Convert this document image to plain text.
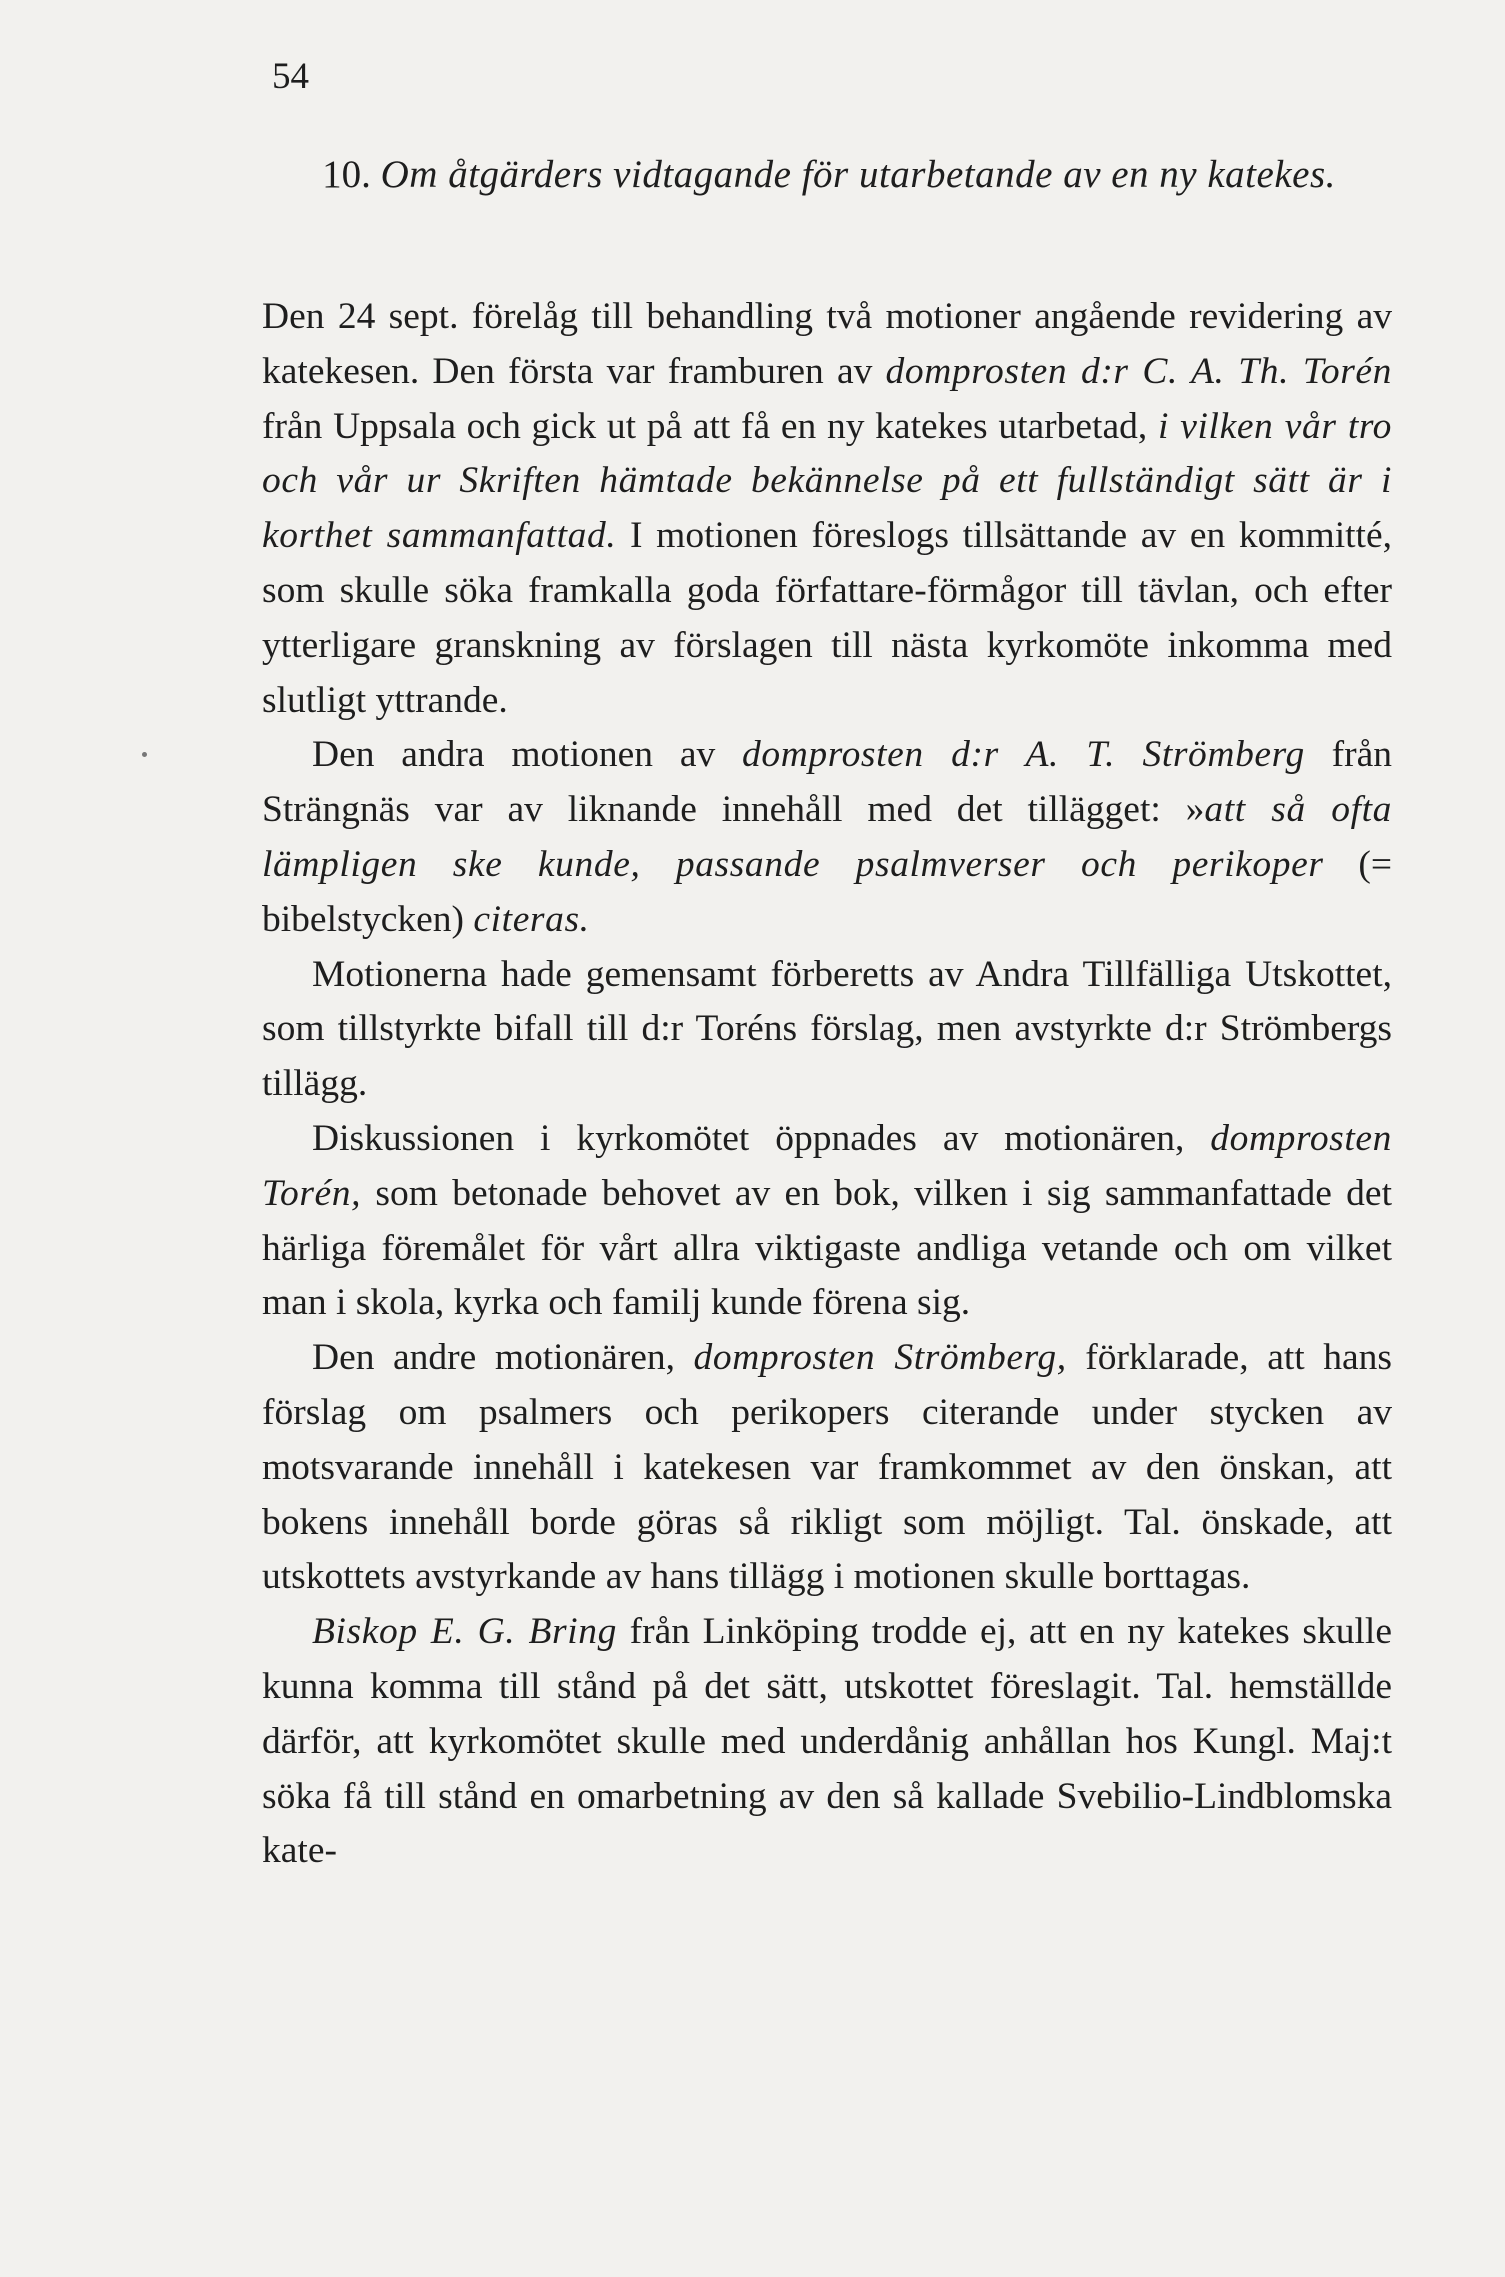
54
10. Om åtgärders vidtagande för utarbetande av en ny katekes.

Den 24 sept. förelåg till behandling två motioner angående revidering av katekesen. Den första var framburen av domprosten d:r C. A. Th. Torén från Uppsala och gick ut på att få en ny katekes utarbetad, i vilken vår tro och vår ur Skriften hämtade bekännelse på ett fullständigt sätt är i korthet sammanfattad. I motionen föreslogs tillsättande av en kommitté, som skulle söka framkalla goda författare-förmågor till tävlan, och efter ytterligare granskning av förslagen till nästa kyrkomöte inkomma med slutligt yttrande.

Den andra motionen av domprosten d:r A. T. Strömberg från Strängnäs var av liknande innehåll med det tillägget: »att så ofta lämpligen ske kunde, passande psalmverser och perikoper (= bibelstycken) citeras.

Motionerna hade gemensamt förberetts av Andra Tillfälliga Utskottet, som tillstyrkte bifall till d:r Toréns förslag, men avstyrkte d:r Strömbergs tillägg.

Diskussionen i kyrkomötet öppnades av motionären, domprosten Torén, som betonade behovet av en bok, vilken i sig sammanfattade det härliga föremålet för vårt allra viktigaste andliga vetande och om vilket man i skola, kyrka och familj kunde förena sig.

Den andre motionären, domprosten Strömberg, förklarade, att hans förslag om psalmers och perikopers citerande under stycken av motsvarande innehåll i katekesen var framkommet av den önskan, att bokens innehåll borde göras så rikligt som möjligt. Tal. önskade, att utskottets avstyrkande av hans tillägg i motionen skulle borttagas.

Biskop E. G. Bring från Linköping trodde ej, att en ny katekes skulle kunna komma till stånd på det sätt, utskottet föreslagit. Tal. hemställde därför, att kyrkomötet skulle med underdånig anhållan hos Kungl. Maj:t söka få till stånd en omarbetning av den så kallade Svebilio-Lindblomska kate-
